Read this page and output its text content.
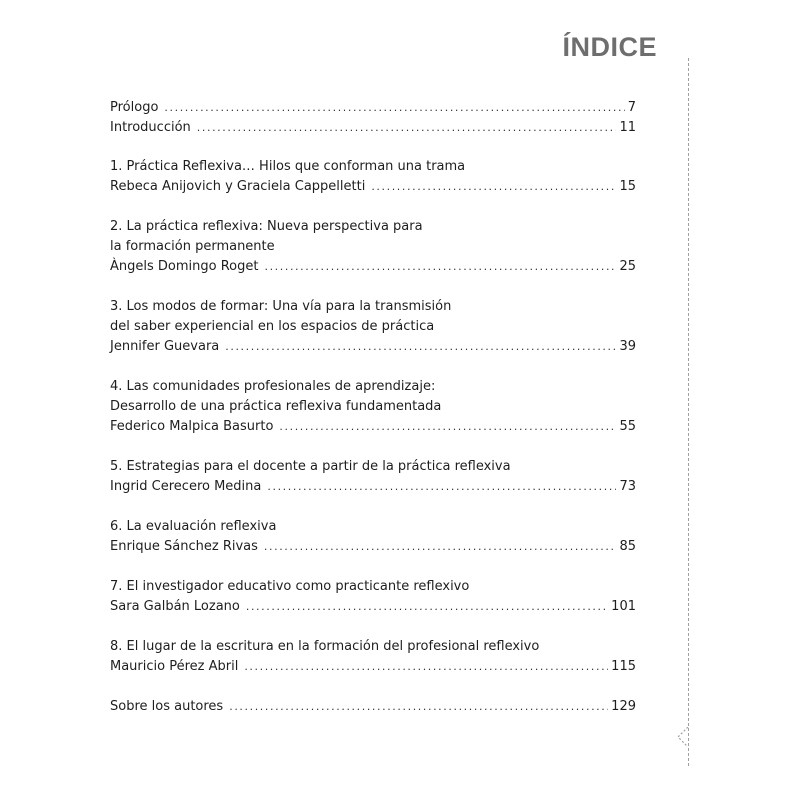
ÍNDICE
Prólogo .....	7
Introducción .....	11
1. Práctica Reflexiva… Hilos que conforman una trama
Rebeca Anijovich y Graciela Cappelletti .....	15
2. La práctica reflexiva: Nueva perspectiva para
la formación permanente
Àngels Domingo Roget .....	25
3. Los modos de formar: Una vía para la transmisión
del saber experiencial en los espacios de práctica
Jennifer Guevara .....	39
4. Las comunidades profesionales de aprendizaje:
Desarrollo de una práctica reflexiva fundamentada
Federico Malpica Basurto .....	55
5. Estrategias para el docente a partir de la práctica reflexiva
Ingrid Cerecero Medina .....	73
6. La evaluación reflexiva
Enrique Sánchez Rivas .....	85
7. El investigador educativo como practicante reflexivo
Sara Galbán Lozano .....	101
8. El lugar de la escritura en la formación del profesional reflexivo
Mauricio Pérez Abril .....	115
Sobre los autores .....	129
